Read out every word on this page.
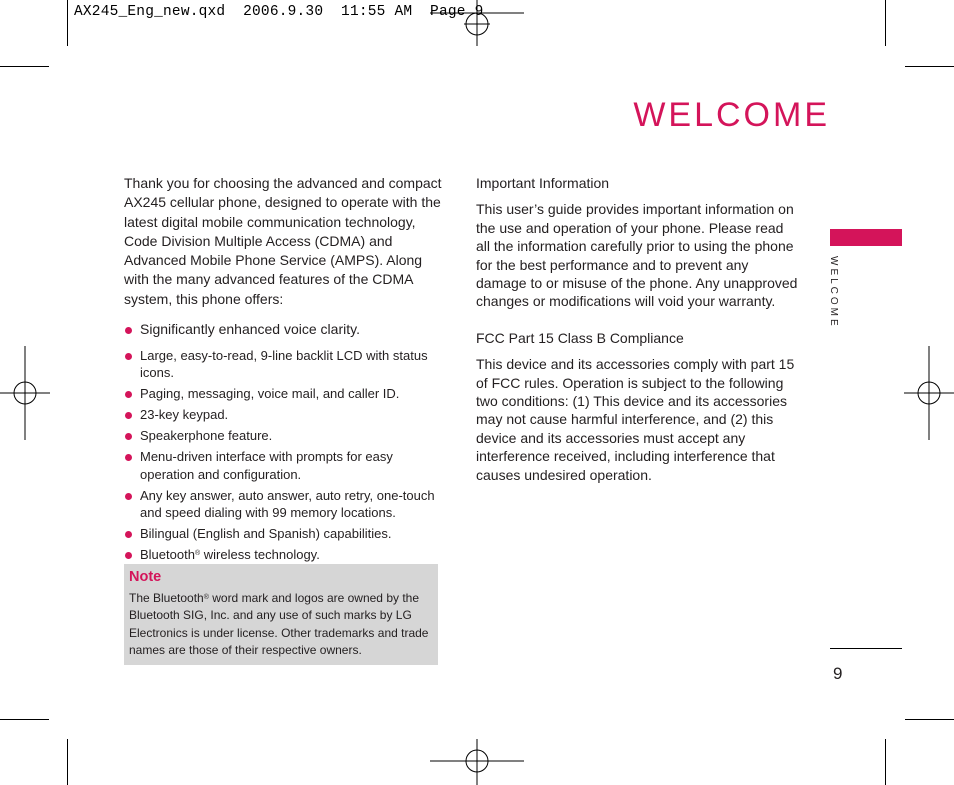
AX245_Eng_new.qxd  2006.9.30  11:55 AM  Page 9
WELCOME
WELCOME

Thank you for choosing the advanced and compact AX245 cellular phone, designed to operate with the latest digital mobile communication technology, Code Division Multiple Access (CDMA) and Advanced Mobile Phone Service (AMPS). Along with the many advanced features of the CDMA system, this phone offers:

Significantly enhanced voice clarity.
Large, easy-to-read, 9-line backlit LCD with status icons.
Paging, messaging, voice mail, and caller ID.
23-key keypad.
Speakerphone feature.
Menu-driven interface with prompts for easy operation and configuration.
Any key answer, auto answer, auto retry, one-touch and speed dialing with 99 memory locations.
Bilingual (English and Spanish) capabilities.
Bluetooth® wireless technology.
Note
The Bluetooth® word mark and logos are owned by the Bluetooth SIG, Inc. and any use of such marks by LG Electronics is under license. Other trademarks and trade names are those of their respective owners.
Important Information

This user’s guide provides important information on the use and operation of your phone. Please read all the information carefully prior to using the phone for the best performance and to prevent any damage to or misuse of the phone. Any unapproved changes or modifications will void your warranty.

FCC Part 15 Class B Compliance

This device and its accessories comply with part 15 of FCC rules. Operation is subject to the following two conditions: (1) This device and its accessories may not cause harmful interference, and (2) this device and its accessories must accept any interference received, including interference that causes undesired operation.

9
